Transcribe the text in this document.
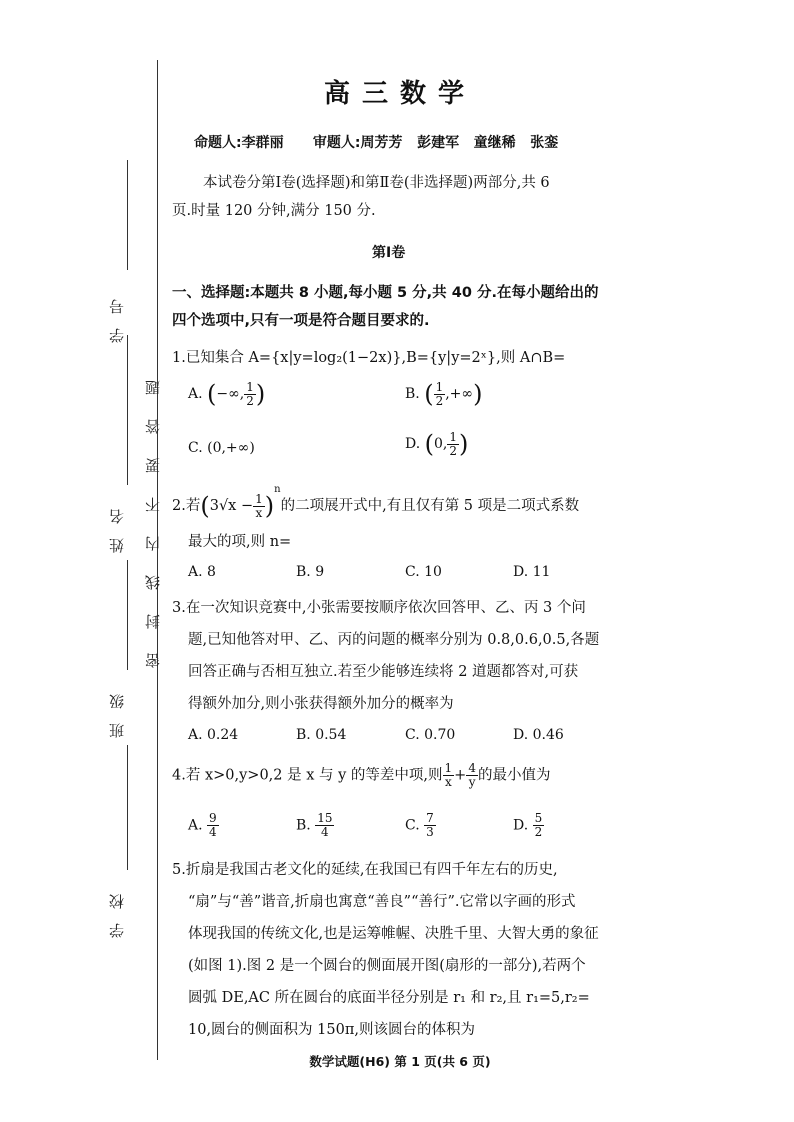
学号
姓名
班级
学校
密封线内不要答题
高三数学
命题人:李群丽      审题人:周芳芳   彭建军   童继稀   张銮
本试卷分第Ⅰ卷(选择题)和第Ⅱ卷(非选择题)两部分,共 6
页.时量 120 分钟,满分 150 分.
第Ⅰ卷
一、选择题:本题共 8 小题,每小题 5 分,共 40 分.在每小题给出的
四个选项中,只有一项是符合题目要求的.
1.已知集合 A={x|y=log₂(1−2x)},B={y|y=2ˣ},则 A∩B=
A. (−∞, $\frac{1}{2}$ )	B. ( $\frac{1}{2}$ ,+∞)
C. (0,+∞)	D. (0, $\frac{1}{2}$ )
2.若$(3√x - \frac{1}{x} )^n$的二项展开式中,有且仅有第 5 项是二项式系数
最大的项,则 n=
A. 8	B. 9	C. 10	D. 11
3.在一次知识竞赛中,小张需要按顺序依次回答甲、乙、丙 3 个问
题,已知他答对甲、乙、丙的问题的概率分别为 0.8,0.6,0.5,各题
回答正确与否相互独立.若至少能够连续将 2 道题都答对,可获
得额外加分,则小张获得额外加分的概率为
A. 0.24	B. 0.54	C. 0.70	D. 0.46
4.若 x>0,y>0,2 是 x 与 y 的等差中项,则 $\frac{1}{x} + \frac{4}{y}$ 的最小值为
A. $\frac{9}{4}$	B. $\frac{15}{4}$	C. $\frac{7}{3}$	D. $\frac{5}{2}$
5.折扇是我国古老文化的延续,在我国已有四千年左右的历史,
“扇”与“善”谐音,折扇也寓意“善良”“善行”.它常以字画的形式
体现我国的传统文化,也是运筹帷幄、决胜千里、大智大勇的象征
(如图 1).图 2 是一个圆台的侧面展开图(扇形的一部分),若两个
圆弧 DE,AC 所在圆台的底面半径分别是 r₁ 和 r₂,且 r₁=5,r₂=
10,圆台的侧面积为 150π,则该圆台的体积为
数学试题(H6) 第 1 页(共 6 页)
